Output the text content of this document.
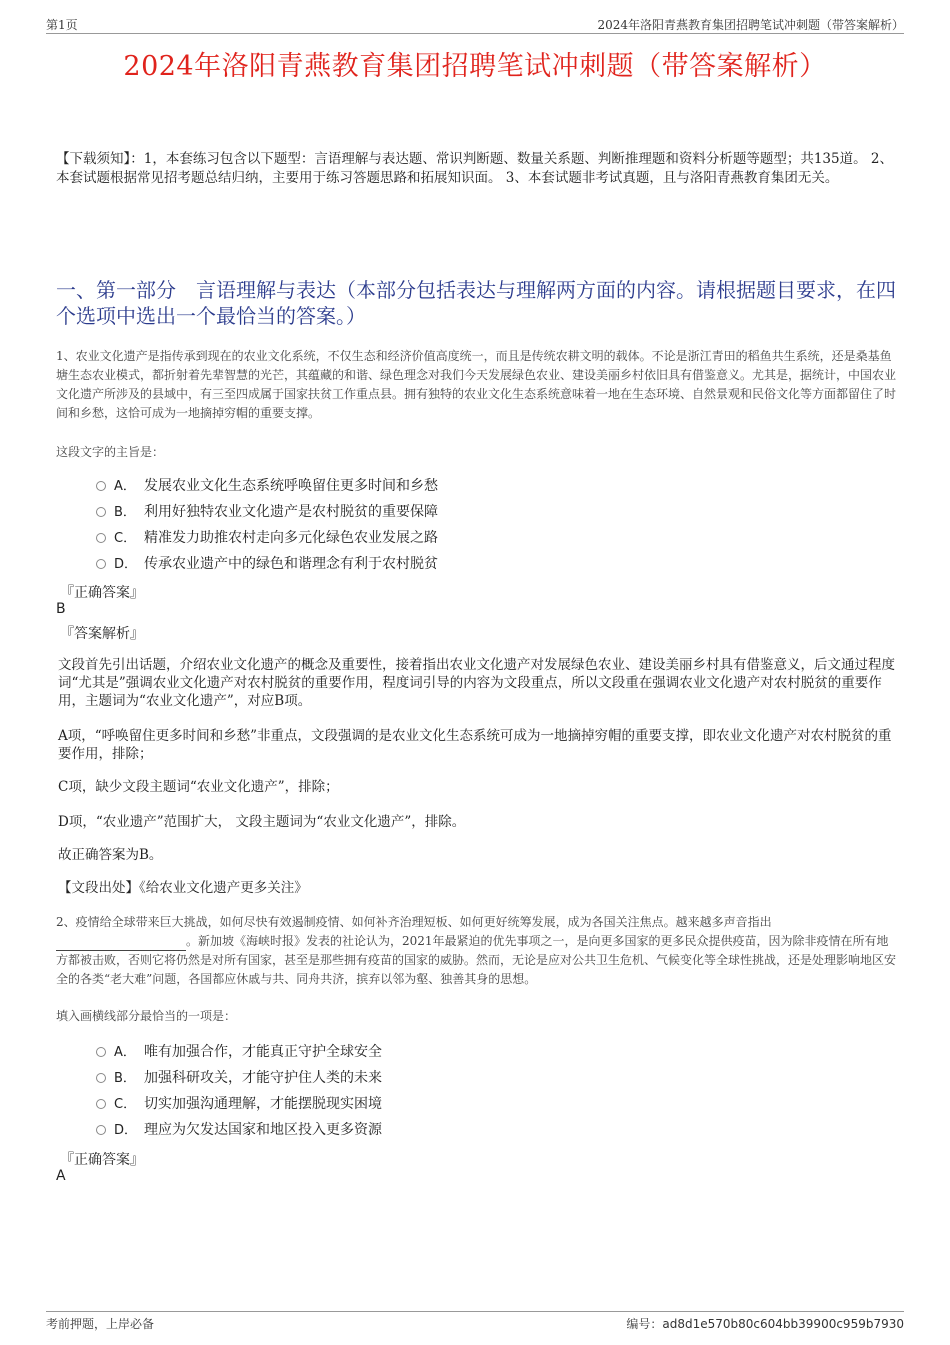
第1页	2024年洛阳青燕教育集团招聘笔试冲刺题（带答案解析）
2024年洛阳青燕教育集团招聘笔试冲刺题（带答案解析）
【下载须知】：1，本套练习包含以下题型：言语理解与表达题、常识判断题、数量关系题、判断推理题和资料分析题等题型；共135道。 2、本套试题根据常见招考题总结归纳，主要用于练习答题思路和拓展知识面。 3、本套试题非考试真题，且与洛阳青燕教育集团无关。
一、第一部分　言语理解与表达（本部分包括表达与理解两方面的内容。请根据题目要求，在四个选项中选出一个最恰当的答案。）
1、农业文化遗产是指传承到现在的农业文化系统，不仅生态和经济价值高度统一，而且是传统农耕文明的载体。不论是浙江青田的稻鱼共生系统，还是桑基鱼塘生态农业模式，都折射着先辈智慧的光芒，其蕴藏的和谐、绿色理念对我们今天发展绿色农业、建设美丽乡村依旧具有借鉴意义。尤其是，据统计，中国农业文化遗产所涉及的县域中，有三至四成属于国家扶贫工作重点县。拥有独特的农业文化生态系统意味着一地在生态环境、自然景观和民俗文化等方面都留住了时间和乡愁，这恰可成为一地摘掉穷帽的重要支撑。
这段文字的主旨是：
A． 发展农业文化生态系统呼唤留住更多时间和乡愁
B． 利用好独特农业文化遗产是农村脱贫的重要保障
C． 精准发力助推农村走向多元化绿色农业发展之路
D． 传承农业遗产中的绿色和谐理念有利于农村脱贫
『正确答案』
B
『答案解析』
文段首先引出话题，介绍农业文化遗产的概念及重要性，接着指出农业文化遗产对发展绿色农业、建设美丽乡村具有借鉴意义，后文通过程度词“尤其是”强调农业文化遗产对农村脱贫的重要作用，程度词引导的内容为文段重点，所以文段重在强调农业文化遗产对农村脱贫的重要作用，主题词为“农业文化遗产”，对应B项。
A项，“呼唤留住更多时间和乡愁”非重点，文段强调的是农业文化生态系统可成为一地摘掉穷帽的重要支撑，即农业文化遗产对农村脱贫的重要作用，排除；
C项，缺少文段主题词“农业文化遗产”，排除；
D项，“农业遗产”范围扩大， 文段主题词为“农业文化遗产”，排除。
故正确答案为B。
【文段出处】《给农业文化遗产更多关注》
2、疫情给全球带来巨大挑战，如何尽快有效遏制疫情、如何补齐治理短板、如何更好统筹发展，成为各国关注焦点。越来越多声音指出
。新加坡《海峡时报》发表的社论认为，2021年最紧迫的优先事项之一，是向更多国家的更多民众提供疫苗，因为除非疫情在所有地方都被击败，否则它将仍然是对所有国家，甚至是那些拥有疫苗的国家的威胁。然而，无论是应对公共卫生危机、气候变化等全球性挑战，还是处理影响地区安全的各类“老大难”问题，各国都应休戚与共、同舟共济，摈弃以邻为壑、独善其身的思想。
填入画横线部分最恰当的一项是：
A． 唯有加强合作，才能真正守护全球安全
B． 加强科研攻关，才能守护住人类的未来
C． 切实加强沟通理解，才能摆脱现实困境
D． 理应为欠发达国家和地区投入更多资源
『正确答案』
A
考前押题，上岸必备	编号：ad8d1e570b80c604bb39900c959b7930
